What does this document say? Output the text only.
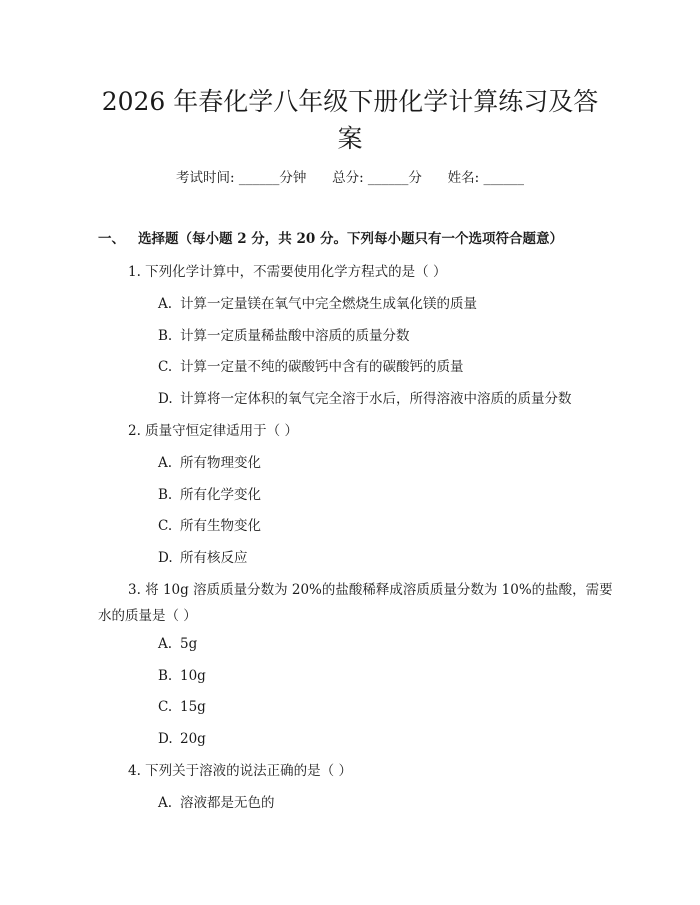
2026 年春化学八年级下册化学计算练习及答
案
考试时间: ______分钟      总分: ______分      姓名: ______
一、 选择题（每小题 2 分，共 20 分。下列每小题只有一个选项符合题意）
1. 下列化学计算中，不需要使用化学方程式的是（ ）
A. 计算一定量镁在氧气中完全燃烧生成氧化镁的质量
B. 计算一定质量稀盐酸中溶质的质量分数
C. 计算一定量不纯的碳酸钙中含有的碳酸钙的质量
D. 计算将一定体积的氧气完全溶于水后，所得溶液中溶质的质量分数
2. 质量守恒定律适用于（ ）
A. 所有物理变化
B. 所有化学变化
C. 所有生物变化
D. 所有核反应
3. 将 10g 溶质质量分数为 20%的盐酸稀释成溶质质量分数为 10%的盐酸，需要
水的质量是（ ）
A. 5g
B. 10g
C. 15g
D. 20g
4. 下列关于溶液的说法正确的是（ ）
A. 溶液都是无色的
